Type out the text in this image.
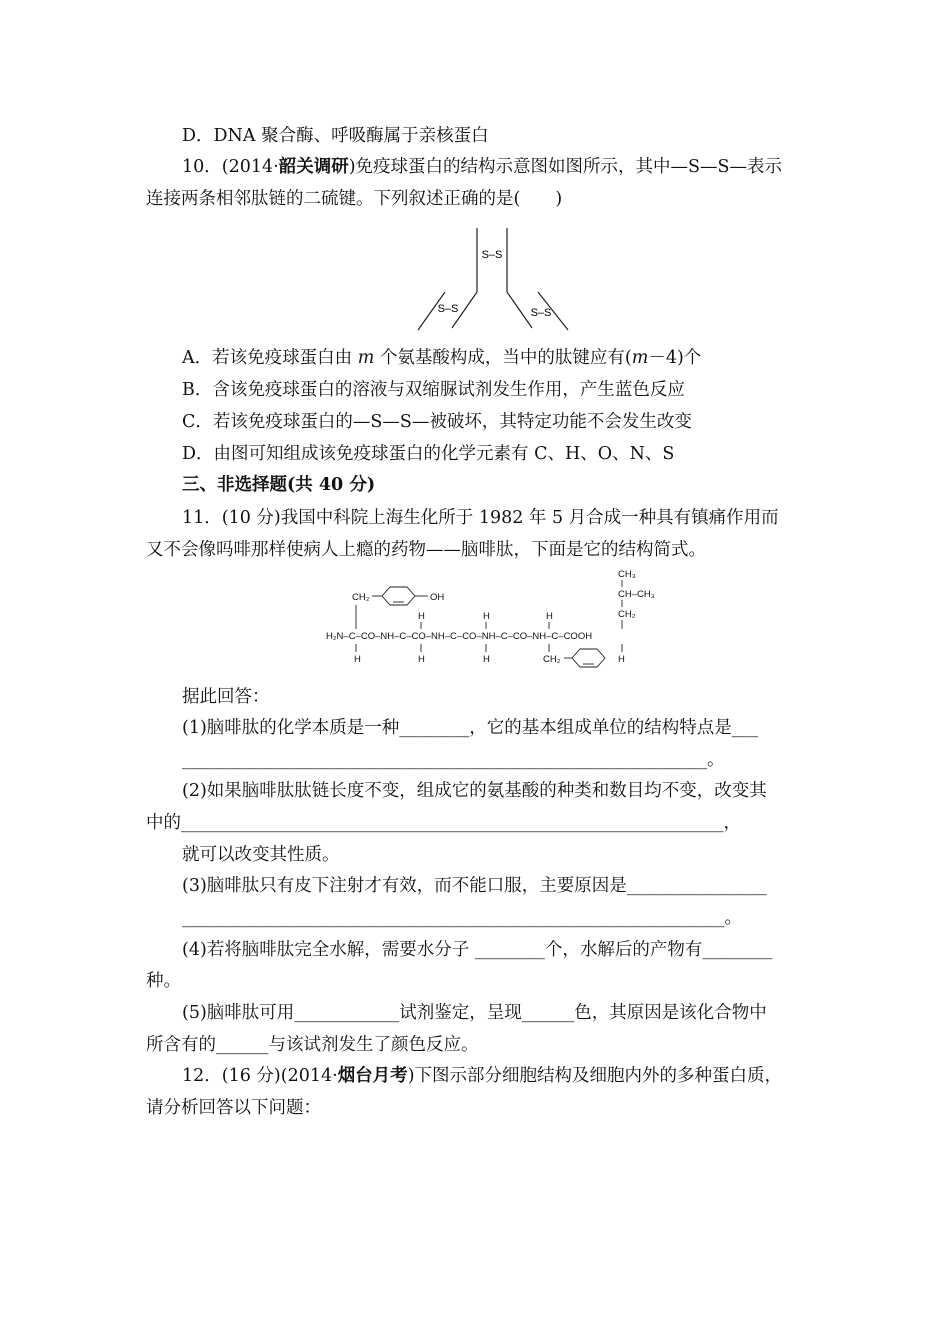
D．DNA 聚合酶、呼吸酶属于亲核蛋白
10．(2014·韶关调研)免疫球蛋白的结构示意图如图所示，其中—S—S—表示
连接两条相邻肽链的二硫键。下列叙述正确的是(　　)
S–S
S–S	S–S
A．若该免疫球蛋白由 m 个氨基酸构成，当中的肽键应有(m－4)个
B．含该免疫球蛋白的溶液与双缩脲试剂发生作用，产生蓝色反应
C．若该免疫球蛋白的—S—S—被破坏，其特定功能不会发生改变
D．由图可知组成该免疫球蛋白的化学元素有 C、H、O、N、S
三、非选择题(共 40 分)
11．(10 分)我国中科院上海生化所于 1982 年 5 月合成一种具有镇痛作用而
又不会像吗啡那样使病人上瘾的药物——脑啡肽，下面是它的结构简式。
CH₂	OH
H	H	H
CH₃
CH–CH₃
CH₂
H₂N–C–CO–NH–C–CO–NH–C–CO–NH–C–CO–NH–C–COOH
H	H	H	CH₂	H
据此回答：
(1)脑啡肽的化学本质是一种________，它的基本组成单位的结构特点是___
____________________________________________________________。
(2)如果脑啡肽肽链长度不变，组成它的氨基酸的种类和数目均不变，改变其
中的______________________________________________________________，
就可以改变其性质。
(3)脑啡肽只有皮下注射才有效，而不能口服，主要原因是________________
______________________________________________________________。
(4)若将脑啡肽完全水解，需要水分子 ________个，水解后的产物有________
种。
(5)脑啡肽可用____________试剂鉴定，呈现______色，其原因是该化合物中
所含有的______与该试剂发生了颜色反应。
12．(16 分)(2014·烟台月考)下图示部分细胞结构及细胞内外的多种蛋白质，
请分析回答以下问题：
